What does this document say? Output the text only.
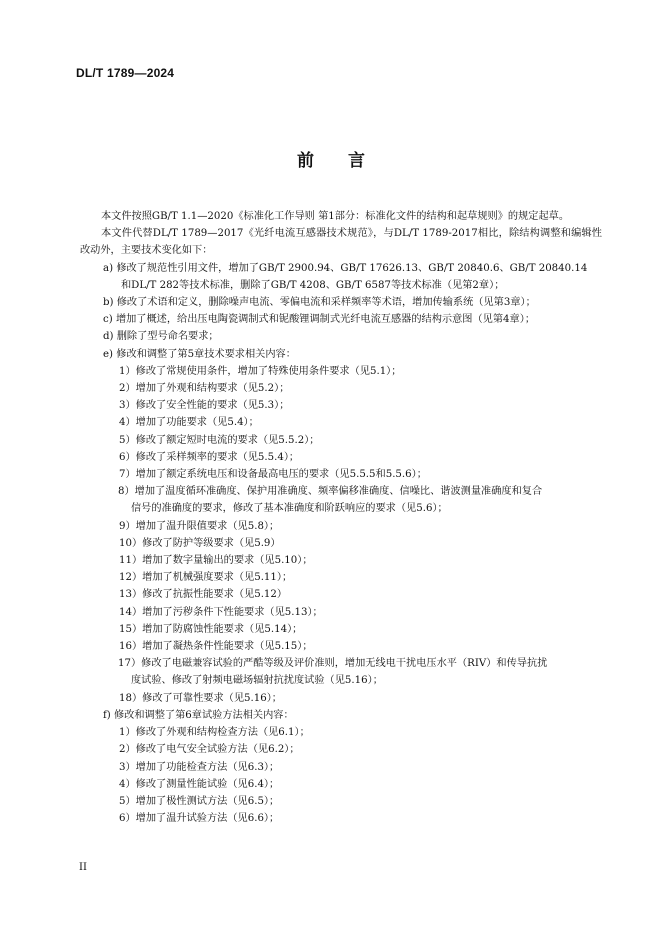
DL/T 1789—2024
前 言
本文件按照GB/T 1.1—2020《标准化工作导则 第1部分：标准化文件的结构和起草规则》的规定起草。
本文件代替DL/T 1789—2017《光纤电流互感器技术规范》，与DL/T 1789-2017相比，除结构调整和编辑性改动外，主要技术变化如下：
a) 修改了规范性引用文件，增加了GB/T 2900.94、GB/T 17626.13、GB/T 20840.6、GB/T 20840.14
和DL/T 282等技术标准，删除了GB/T 4208、GB/T 6587等技术标准（见第2章）；
b) 修改了术语和定义，删除噪声电流、零偏电流和采样频率等术语，增加传输系统（见第3章）；
c) 增加了概述，给出压电陶瓷调制式和铌酸锂调制式光纤电流互感器的结构示意图（见第4章）；
d) 删除了型号命名要求；
e) 修改和调整了第5章技术要求相关内容：
1）修改了常规使用条件，增加了特殊使用条件要求（见5.1）；
2）增加了外观和结构要求（见5.2）；
3）修改了安全性能的要求（见5.3）；
4）增加了功能要求（见5.4）；
5）修改了额定短时电流的要求（见5.5.2）；
6）修改了采样频率的要求（见5.5.4）；
7）增加了额定系统电压和设备最高电压的要求（见5.5.5和5.5.6）；
8）增加了温度循环准确度、保护用准确度、频率偏移准确度、信噪比、谐波测量准确度和复合
信号的准确度的要求，修改了基本准确度和阶跃响应的要求（见5.6）；
9）增加了温升限值要求（见5.8）；
10）修改了防护等级要求（见5.9）
11）增加了数字量输出的要求（见5.10）；
12）增加了机械强度要求（见5.11）；
13）修改了抗振性能要求（见5.12）
14）增加了污秽条件下性能要求（见5.13）；
15）增加了防腐蚀性能要求（见5.14）；
16）增加了凝热条件性能要求（见5.15）；
17）修改了电磁兼容试验的严酷等级及评价准则，增加无线电干扰电压水平（RIV）和传导抗扰
度试验、修改了射频电磁场辐射抗扰度试验（见5.16）；
18）修改了可靠性要求（见5.16）；
f) 修改和调整了第6章试验方法相关内容：
1）修改了外观和结构检查方法（见6.1）；
2）修改了电气安全试验方法（见6.2）；
3）增加了功能检查方法（见6.3）；
4）修改了测量性能试验（见6.4）；
5）增加了极性测试方法（见6.5）；
6）增加了温升试验方法（见6.6）；
II
